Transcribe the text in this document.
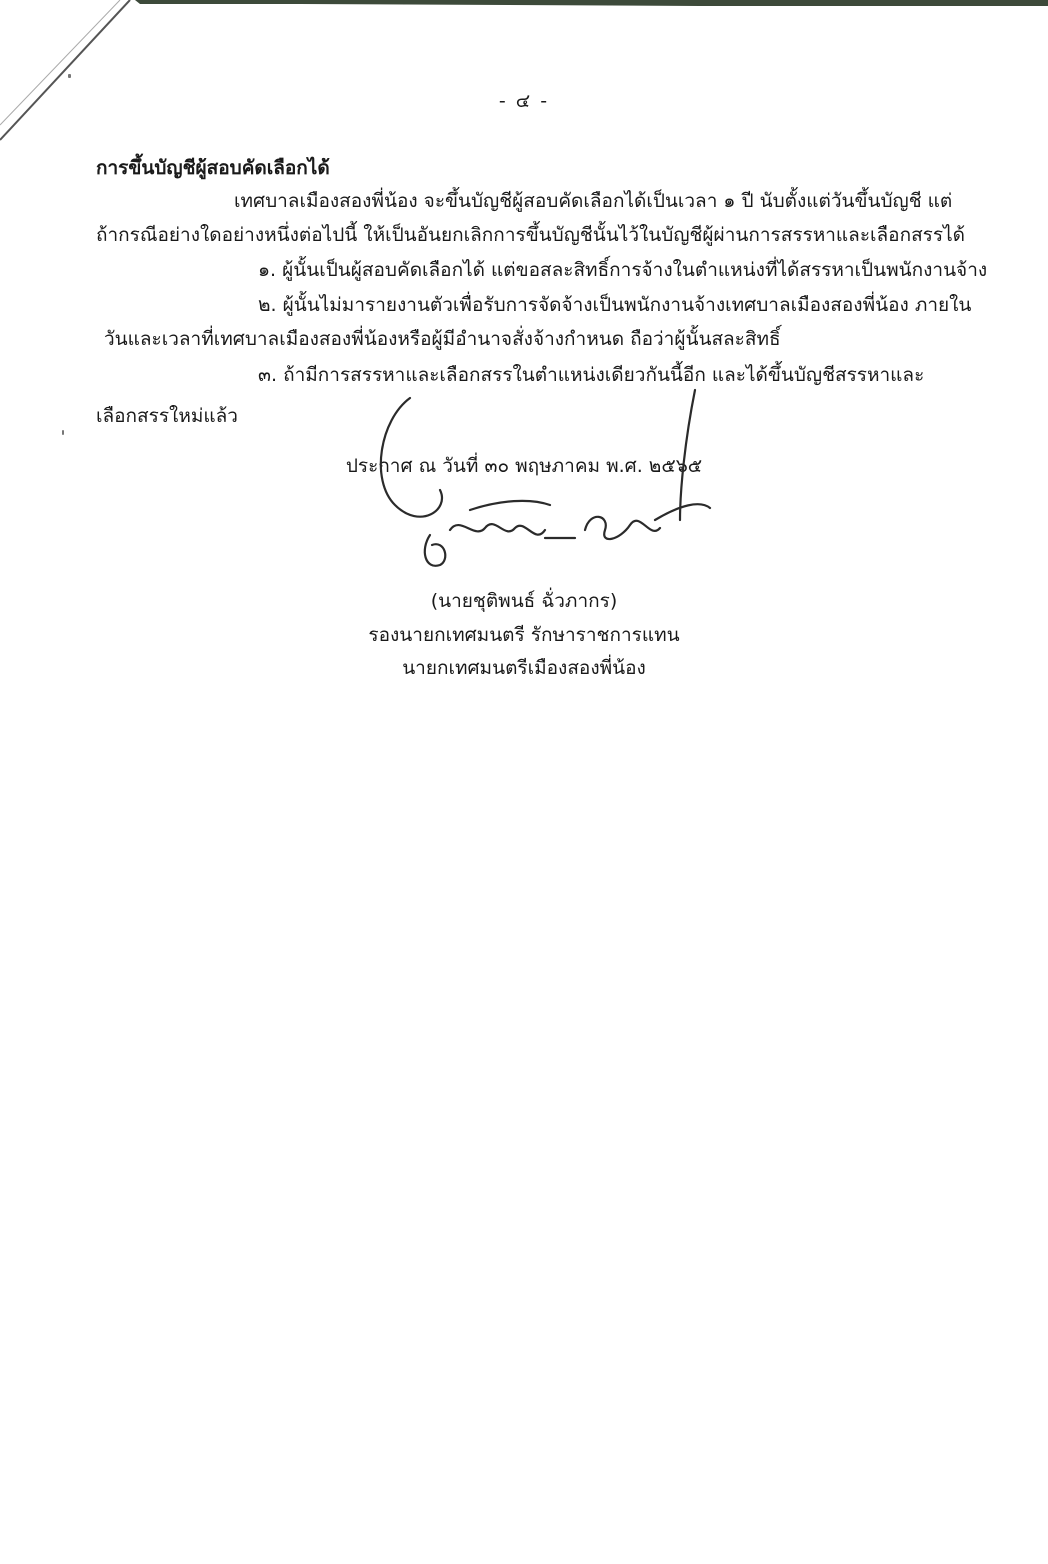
- ๔ -
การขึ้นบัญชีผู้สอบคัดเลือกได้
เทศบาลเมืองสองพี่น้อง จะขึ้นบัญชีผู้สอบคัดเลือกได้เป็นเวลา ๑ ปี นับตั้งแต่วันขึ้นบัญชี แต่
ถ้ากรณีอย่างใดอย่างหนึ่งต่อไปนี้ ให้เป็นอันยกเลิกการขึ้นบัญชีนั้นไว้ในบัญชีผู้ผ่านการสรรหาและเลือกสรรได้
๑. ผู้นั้นเป็นผู้สอบคัดเลือกได้ แต่ขอสละสิทธิ์การจ้างในตำแหน่งที่ได้สรรหาเป็นพนักงานจ้าง
๒. ผู้นั้นไม่มารายงานตัวเพื่อรับการจัดจ้างเป็นพนักงานจ้างเทศบาลเมืองสองพี่น้อง ภายใน
วันและเวลาที่เทศบาลเมืองสองพี่น้องหรือผู้มีอำนาจสั่งจ้างกำหนด ถือว่าผู้นั้นสละสิทธิ์
๓. ถ้ามีการสรรหาและเลือกสรรในตำแหน่งเดียวกันนี้อีก และได้ขึ้นบัญชีสรรหาและ
เลือกสรรใหม่แล้ว
ประกาศ ณ วันที่ ๓๐ พฤษภาคม พ.ศ. ๒๕๖๕
(นายชุติพนธ์ ฉั่วภากร)
รองนายกเทศมนตรี รักษาราชการแทน
นายกเทศมนตรีเมืองสองพี่น้อง
